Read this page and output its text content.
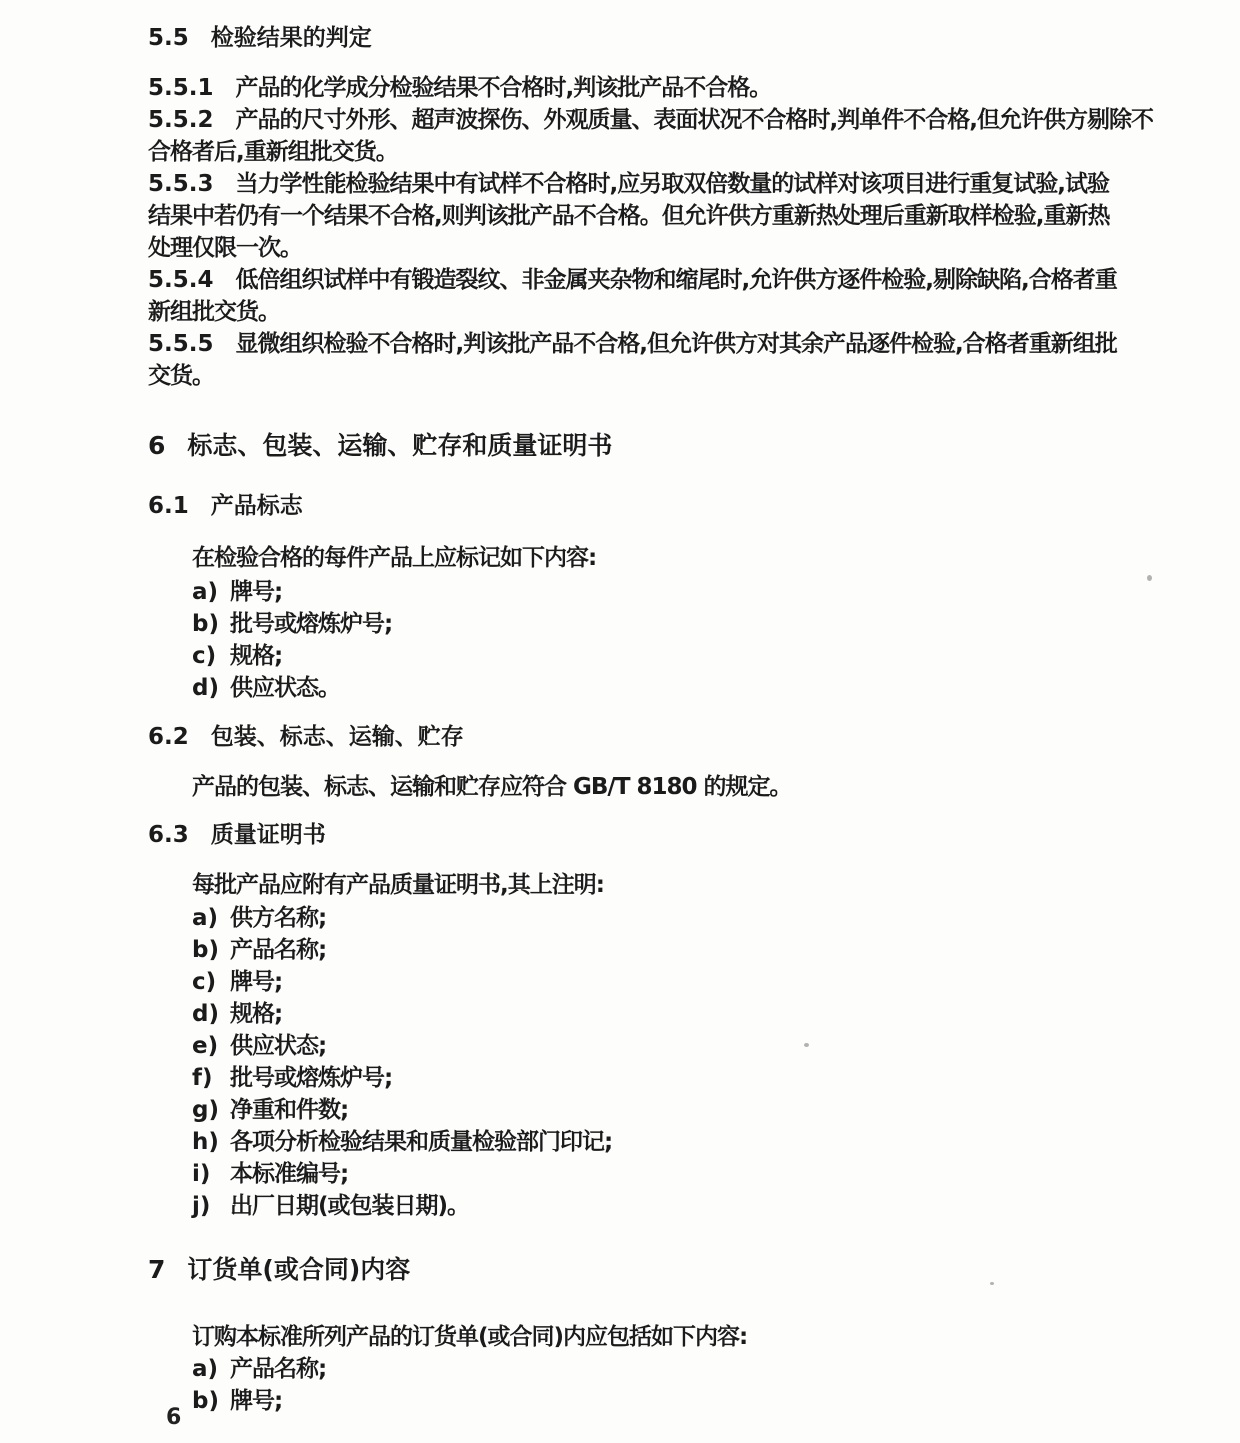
5.5 检验结果的判定
5.5.1 产品的化学成分检验结果不合格时,判该批产品不合格。
5.5.2 产品的尺寸外形、超声波探伤、外观质量、表面状况不合格时,判单件不合格,但允许供方剔除不
合格者后,重新组批交货。
5.5.3 当力学性能检验结果中有试样不合格时,应另取双倍数量的试样对该项目进行重复试验,试验
结果中若仍有一个结果不合格,则判该批产品不合格。但允许供方重新热处理后重新取样检验,重新热
处理仅限一次。
5.5.4 低倍组织试样中有锻造裂纹、非金属夹杂物和缩尾时,允许供方逐件检验,剔除缺陷,合格者重
新组批交货。
5.5.5 显微组织检验不合格时,判该批产品不合格,但允许供方对其余产品逐件检验,合格者重新组批
交货。
6 标志、包装、运输、贮存和质量证明书
6.1 产品标志
在检验合格的每件产品上应标记如下内容:
a) 牌号;
b) 批号或熔炼炉号;
c) 规格;
d) 供应状态。
6.2 包装、标志、运输、贮存
产品的包装、标志、运输和贮存应符合 GB/T 8180 的规定。
6.3 质量证明书
每批产品应附有产品质量证明书,其上注明:
a) 供方名称;
b) 产品名称;
c) 牌号;
d) 规格;
e) 供应状态;
f) 批号或熔炼炉号;
g) 净重和件数;
h) 各项分析检验结果和质量检验部门印记;
i) 本标准编号;
j) 出厂日期(或包装日期)。
7 订货单(或合同)内容
订购本标准所列产品的订货单(或合同)内应包括如下内容:
a) 产品名称;
b) 牌号;
6
